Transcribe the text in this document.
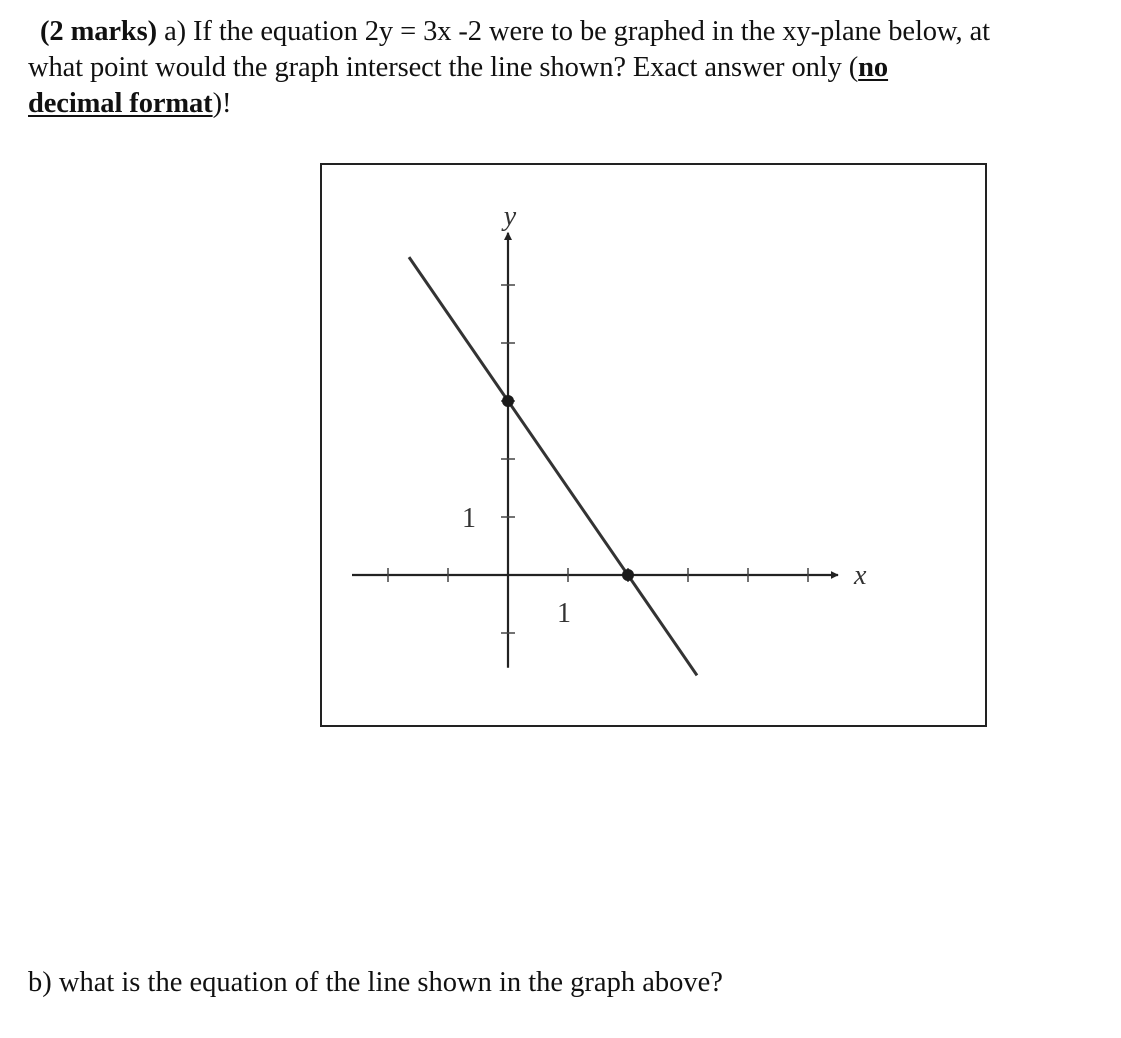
(2 marks) a) If the equation 2y = 3x -2 were to be graphed in the xy-plane below, at
what point would the graph intersect the line shown? Exact answer only (no
decimal format)!
x
y
1
1
b) what is the equation of the line shown in the graph above?
